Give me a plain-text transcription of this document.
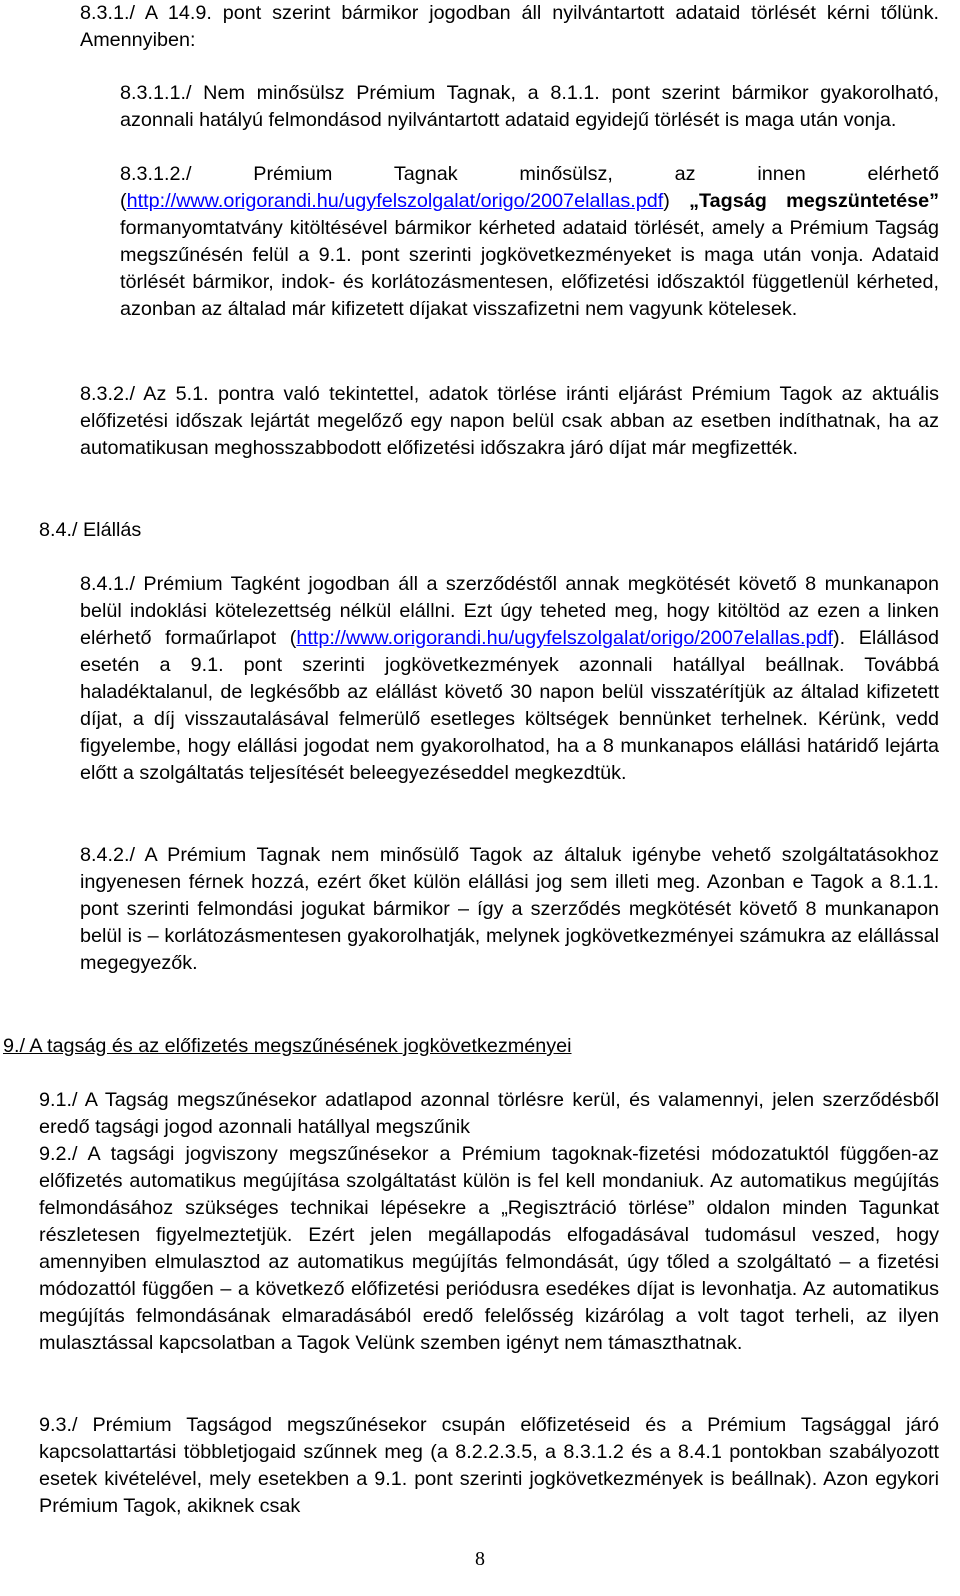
8.3.1./ A 14.9. pont szerint bármikor jogodban áll nyilvántartott adataid törlését kérni tőlünk. Amennyiben:

8.3.1.1./ Nem minősülsz Prémium Tagnak, a 8.1.1. pont szerint bármikor gyakorolható, azonnali hatályú felmondásod nyilvántartott adataid egyidejű törlését is maga után vonja.

8.3.1.2./ Prémium Tagnak minősülsz, az innen elérhető (http://www.origorandi.hu/ugyfelszolgalat/origo/2007elallas.pdf) „Tagság megszüntetése” formanyomtatvány kitöltésével bármikor kérheted adataid törlését, amely a Prémium Tagság megszűnésén felül a 9.1. pont szerinti jogkövetkezményeket is maga után vonja. Adataid törlését bármikor, indok- és korlátozásmentesen, előfizetési időszaktól függetlenül kérheted, azonban az általad már kifizetett díjakat visszafizetni nem vagyunk kötelesek.

8.3.2./ Az 5.1. pontra való tekintettel, adatok törlése iránti eljárást Prémium Tagok az aktuális előfizetési időszak lejártát megelőző egy napon belül csak abban az esetben indíthatnak, ha az automatikusan meghosszabbodott előfizetési időszakra járó díjat már megfizették.

8.4./ Elállás

8.4.1./ Prémium Tagként jogodban áll a szerződéstől annak megkötését követő 8 munkanapon belül indoklási kötelezettség nélkül elállni. Ezt úgy teheted meg, hogy kitöltöd az ezen a linken elérhető formaűrlapot (http://www.origorandi.hu/ugyfelszolgalat/origo/2007elallas.pdf). Elállásod esetén a 9.1. pont szerinti jogkövetkezmények azonnali hatállyal beállnak. Továbbá haladéktalanul, de legkésőbb az elállást követő 30 napon belül visszatérítjük az általad kifizetett díjat, a díj visszautalásával felmerülő esetleges költségek bennünket terhelnek. Kérünk, vedd figyelembe, hogy elállási jogodat nem gyakorolhatod, ha a 8 munkanapos elállási határidő lejárta előtt a szolgáltatás teljesítését beleegyezéseddel megkezdtük.

8.4.2./ A Prémium Tagnak nem minősülő Tagok az általuk igénybe vehető szolgáltatásokhoz ingyenesen férnek hozzá, ezért őket külön elállási jog sem illeti meg. Azonban e Tagok a 8.1.1. pont szerinti felmondási jogukat bármikor – így a szerződés megkötését követő 8 munkanapon belül is – korlátozásmentesen gyakorolhatják, melynek jogkövetkezményei számukra az elállással megegyezők.

9./ A tagság és az előfizetés megszűnésének jogkövetkezményei

9.1./ A Tagság megszűnésekor adatlapod azonnal törlésre kerül, és valamennyi, jelen szerződésből eredő tagsági jogod azonnali hatállyal megszűnik

9.2./ A tagsági jogviszony megszűnésekor a Prémium tagoknak-fizetési módozatuktól függően-az előfizetés automatikus megújítása szolgáltatást külön is fel kell mondaniuk. Az automatikus megújítás felmondásához szükséges technikai lépésekre a „Regisztráció törlése” oldalon minden Tagunkat részletesen figyelmeztetjük. Ezért jelen megállapodás elfogadásával tudomásul veszed, hogy amennyiben elmulasztod az automatikus megújítás felmondását, úgy tőled a szolgáltató – a fizetési módozattól függően – a következő előfizetési periódusra esedékes díjat is levonhatja. Az automatikus megújítás felmondásának elmaradásából eredő felelősség kizárólag a volt tagot terheli, az ilyen mulasztással kapcsolatban a Tagok Velünk szemben igényt nem támaszthatnak.

9.3./ Prémium Tagságod megszűnésekor csupán előfizetéseid és a Prémium Tagsággal járó kapcsolattartási többletjogaid szűnnek meg (a 8.2.2.3.5, a 8.3.1.2 és a 8.4.1 pontokban szabályozott esetek kivételével, mely esetekben a 9.1. pont szerinti jogkövetkezmények is beállnak). Azon egykori Prémium Tagok, akiknek csak

8
